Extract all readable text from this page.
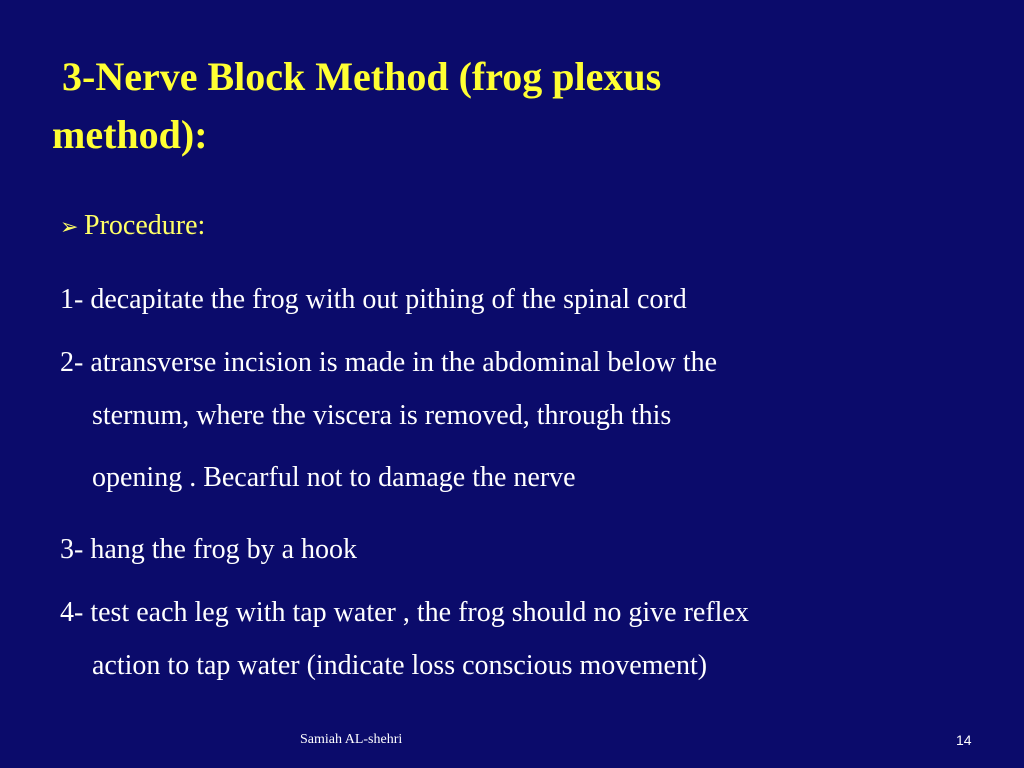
3-Nerve Block Method (frog plexus
method):
➢ Procedure:
1- decapitate the frog with out pithing of the spinal cord
2- atransverse incision is made in the abdominal below the
sternum, where the viscera is removed, through this
opening . Becarful not to damage the nerve
3- hang the frog by a hook
4- test each leg with tap water , the frog should no give reflex
action to tap water (indicate loss conscious movement)
Samiah AL-shehri	14
